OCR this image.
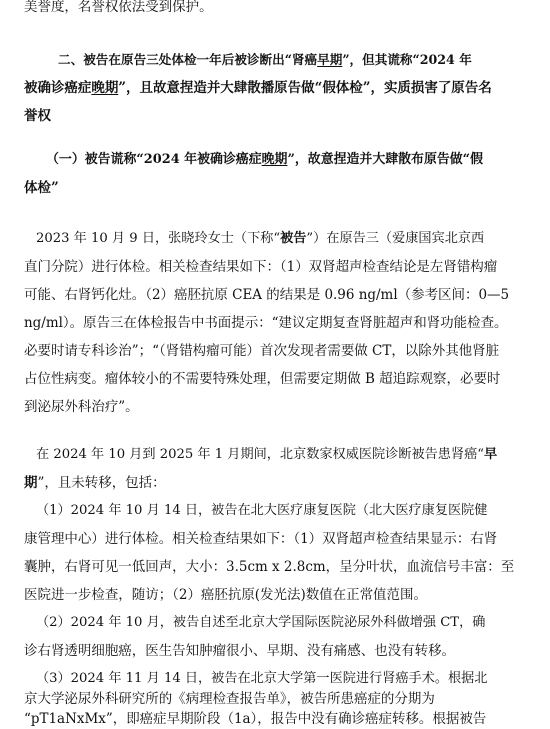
美誉度，名誉权依法受到保护。
二、被告在原告三处体检一年后被诊断出“肾癌早期”，但其谎称“2024 年
被确诊癌症晚期”，且故意捏造并大肆散播原告做“假体检”，实质损害了原告名
誉权
（一）被告谎称“2024 年被确诊癌症晚期”，故意捏造并大肆散布原告做“假
体检”
2023 年 10 月 9 日，张晓玲女士（下称“被告”）在原告三（爱康国宾北京西
直门分院）进行体检。相关检查结果如下：（1）双肾超声检查结论是左肾错构瘤
可能、右肾钙化灶。（2）癌胚抗原 CEA 的结果是 0.96 ng/ml（参考区间：0—5
ng/ml）。原告三在体检报告中书面提示：“建议定期复查肾脏超声和肾功能检查。
必要时请专科诊治”；“（肾错构瘤可能）首次发现者需要做 CT，以除外其他肾脏
占位性病变。瘤体较小的不需要特殊处理，但需要定期做 B 超追踪观察，必要时
到泌尿外科治疗”。
在 2024 年 10 月到 2025 年 1 月期间，北京数家权威医院诊断被告患肾癌“早
期”，且未转移，包括：
（1）2024 年 10 月 14 日，被告在北大医疗康复医院（北大医疗康复医院健
康管理中心）进行体检。相关检查结果如下：（1）双肾超声检查结果显示：右肾
囊肿，右肾可见一低回声，大小：3.5cm x 2.8cm，呈分叶状，血流信号丰富：至
医院进一步检查，随访；（2）癌胚抗原(发光法)数值在正常值范围。
（2）2024 年 10 月，被告自述至北京大学国际医院泌尿外科做增强 CT，确
诊右肾透明细胞癌，医生告知肿瘤很小、早期、没有痛感、也没有转移。
（3）2024 年 11 月 14 日，被告在北京大学第一医院进行肾癌手术。根据北
京大学泌尿外科研究所的《病理检查报告单》，被告所患癌症的分期为
“pT1aNxMx”，即癌症早期阶段（1a），报告中没有确诊癌症转移。根据被告
